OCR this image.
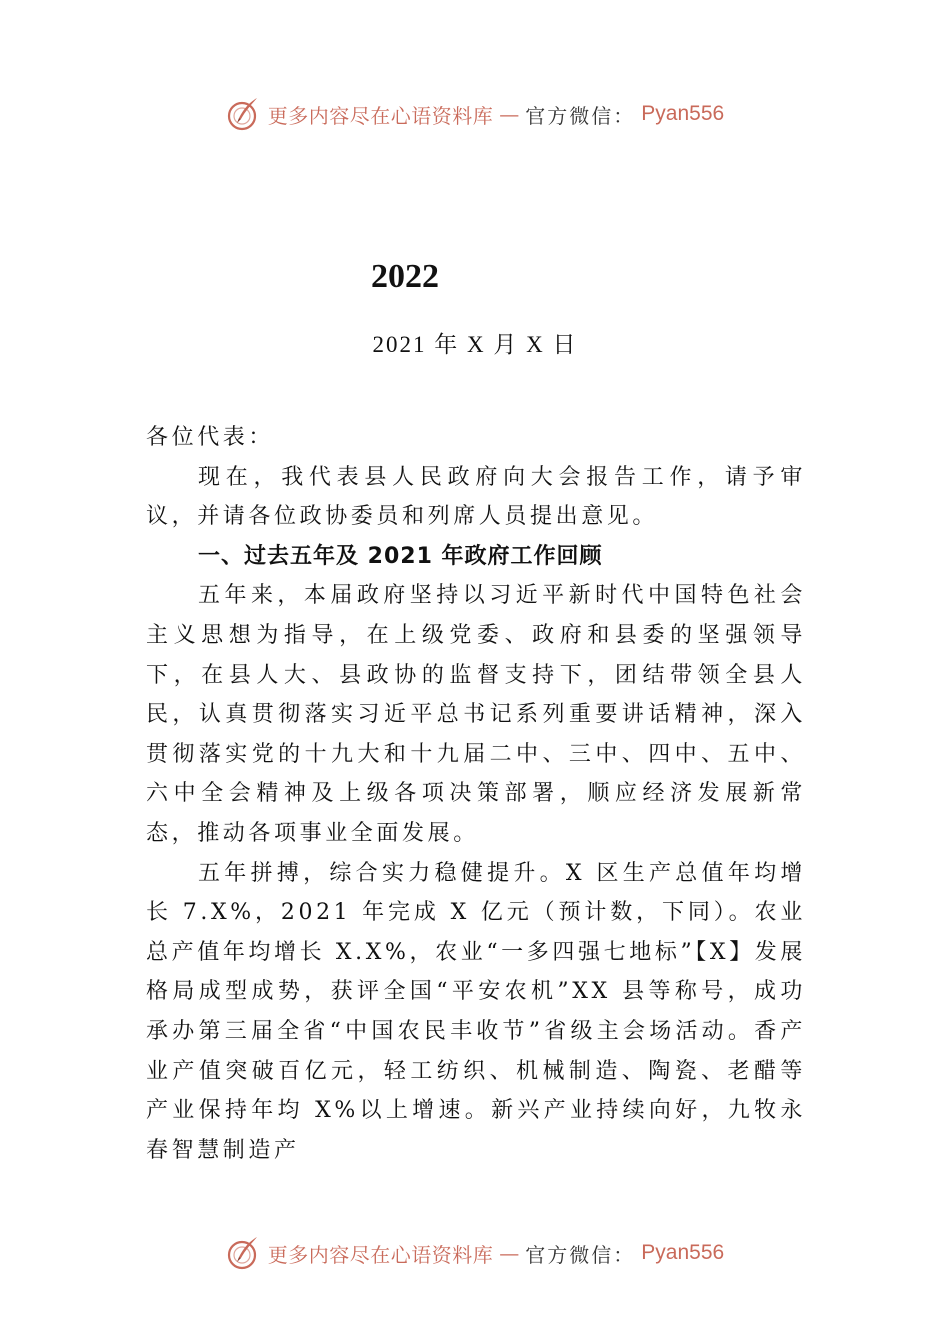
更多内容尽在心语资料库 — 官方微信： Pyan556
2022
2021 年 X 月 X 日

各位代表：

现在，我代表县人民政府向大会报告工作，请予审议，并请各位政协委员和列席人员提出意见。

一、过去五年及 2021 年政府工作回顾

五年来，本届政府坚持以习近平新时代中国特色社会主义思想为指导，在上级党委、政府和县委的坚强领导下，在县人大、县政协的监督支持下，团结带领全县人民，认真贯彻落实习近平总书记系列重要讲话精神，深入贯彻落实党的十九大和十九届二中、三中、四中、五中、六中全会精神及上级各项决策部署，顺应经济发展新常态，推动各项事业全面发展。

五年拼搏，综合实力稳健提升。X 区生产总值年均增长 7.X%，2021 年完成 X 亿元（预计数，下同）。农业总产值年均增长 X.X%，农业“一多四强七地标”【X】发展格局成型成势，获评全国“平安农机”XX 县等称号，成功承办第三届全省“中国农民丰收节”省级主会场活动。香产业产值突破百亿元，轻工纺织、机械制造、陶瓷、老醋等产业保持年均 X%以上增速。新兴产业持续向好，九牧永春智慧制造产

更多内容尽在心语资料库 — 官方微信： Pyan556
